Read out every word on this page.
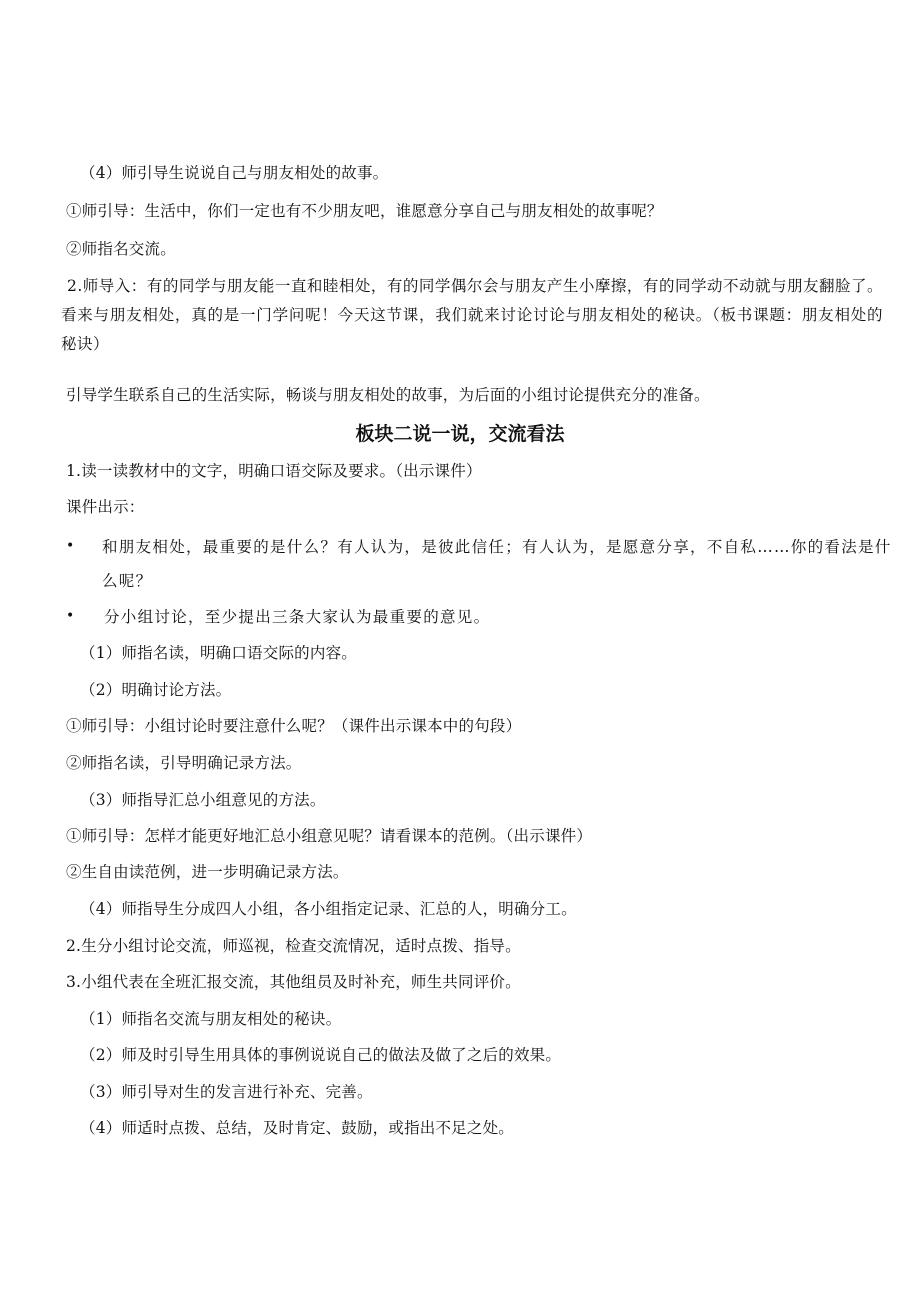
（4）师引导生说说自己与朋友相处的故事。
①师引导：生活中，你们一定也有不少朋友吧，谁愿意分享自己与朋友相处的故事呢？
②师指名交流。
2.师导入：有的同学与朋友能一直和睦相处，有的同学偶尔会与朋友产生小摩擦，有的同学动不动就与朋友翻脸了。看来与朋友相处，真的是一门学问呢！今天这节课，我们就来讨论讨论与朋友相处的秘诀。（板书课题：朋友相处的秘诀）
引导学生联系自己的生活实际，畅谈与朋友相处的故事，为后面的小组讨论提供充分的准备。
板块二说一说，交流看法
1.读一读教材中的文字，明确口语交际及要求。（出示课件）
课件出示：
• 和朋友相处，最重要的是什么？有人认为，是彼此信任；有人认为，是愿意分享，不自私……你的看法是什么呢？
• 分小组讨论，至少提出三条大家认为最重要的意见。
（1）师指名读，明确口语交际的内容。
（2）明确讨论方法。
①师引导：小组讨论时要注意什么呢？（课件出示课本中的句段）
②师指名读，引导明确记录方法。
（3）师指导汇总小组意见的方法。
①师引导：怎样才能更好地汇总小组意见呢？请看课本的范例。（出示课件）
②生自由读范例，进一步明确记录方法。
（4）师指导生分成四人小组，各小组指定记录、汇总的人，明确分工。
2.生分小组讨论交流，师巡视，检查交流情况，适时点拨、指导。
3.小组代表在全班汇报交流，其他组员及时补充，师生共同评价。
（1）师指名交流与朋友相处的秘诀。
（2）师及时引导生用具体的事例说说自己的做法及做了之后的效果。
（3）师引导对生的发言进行补充、完善。
（4）师适时点拨、总结，及时肯定、鼓励，或指出不足之处。
